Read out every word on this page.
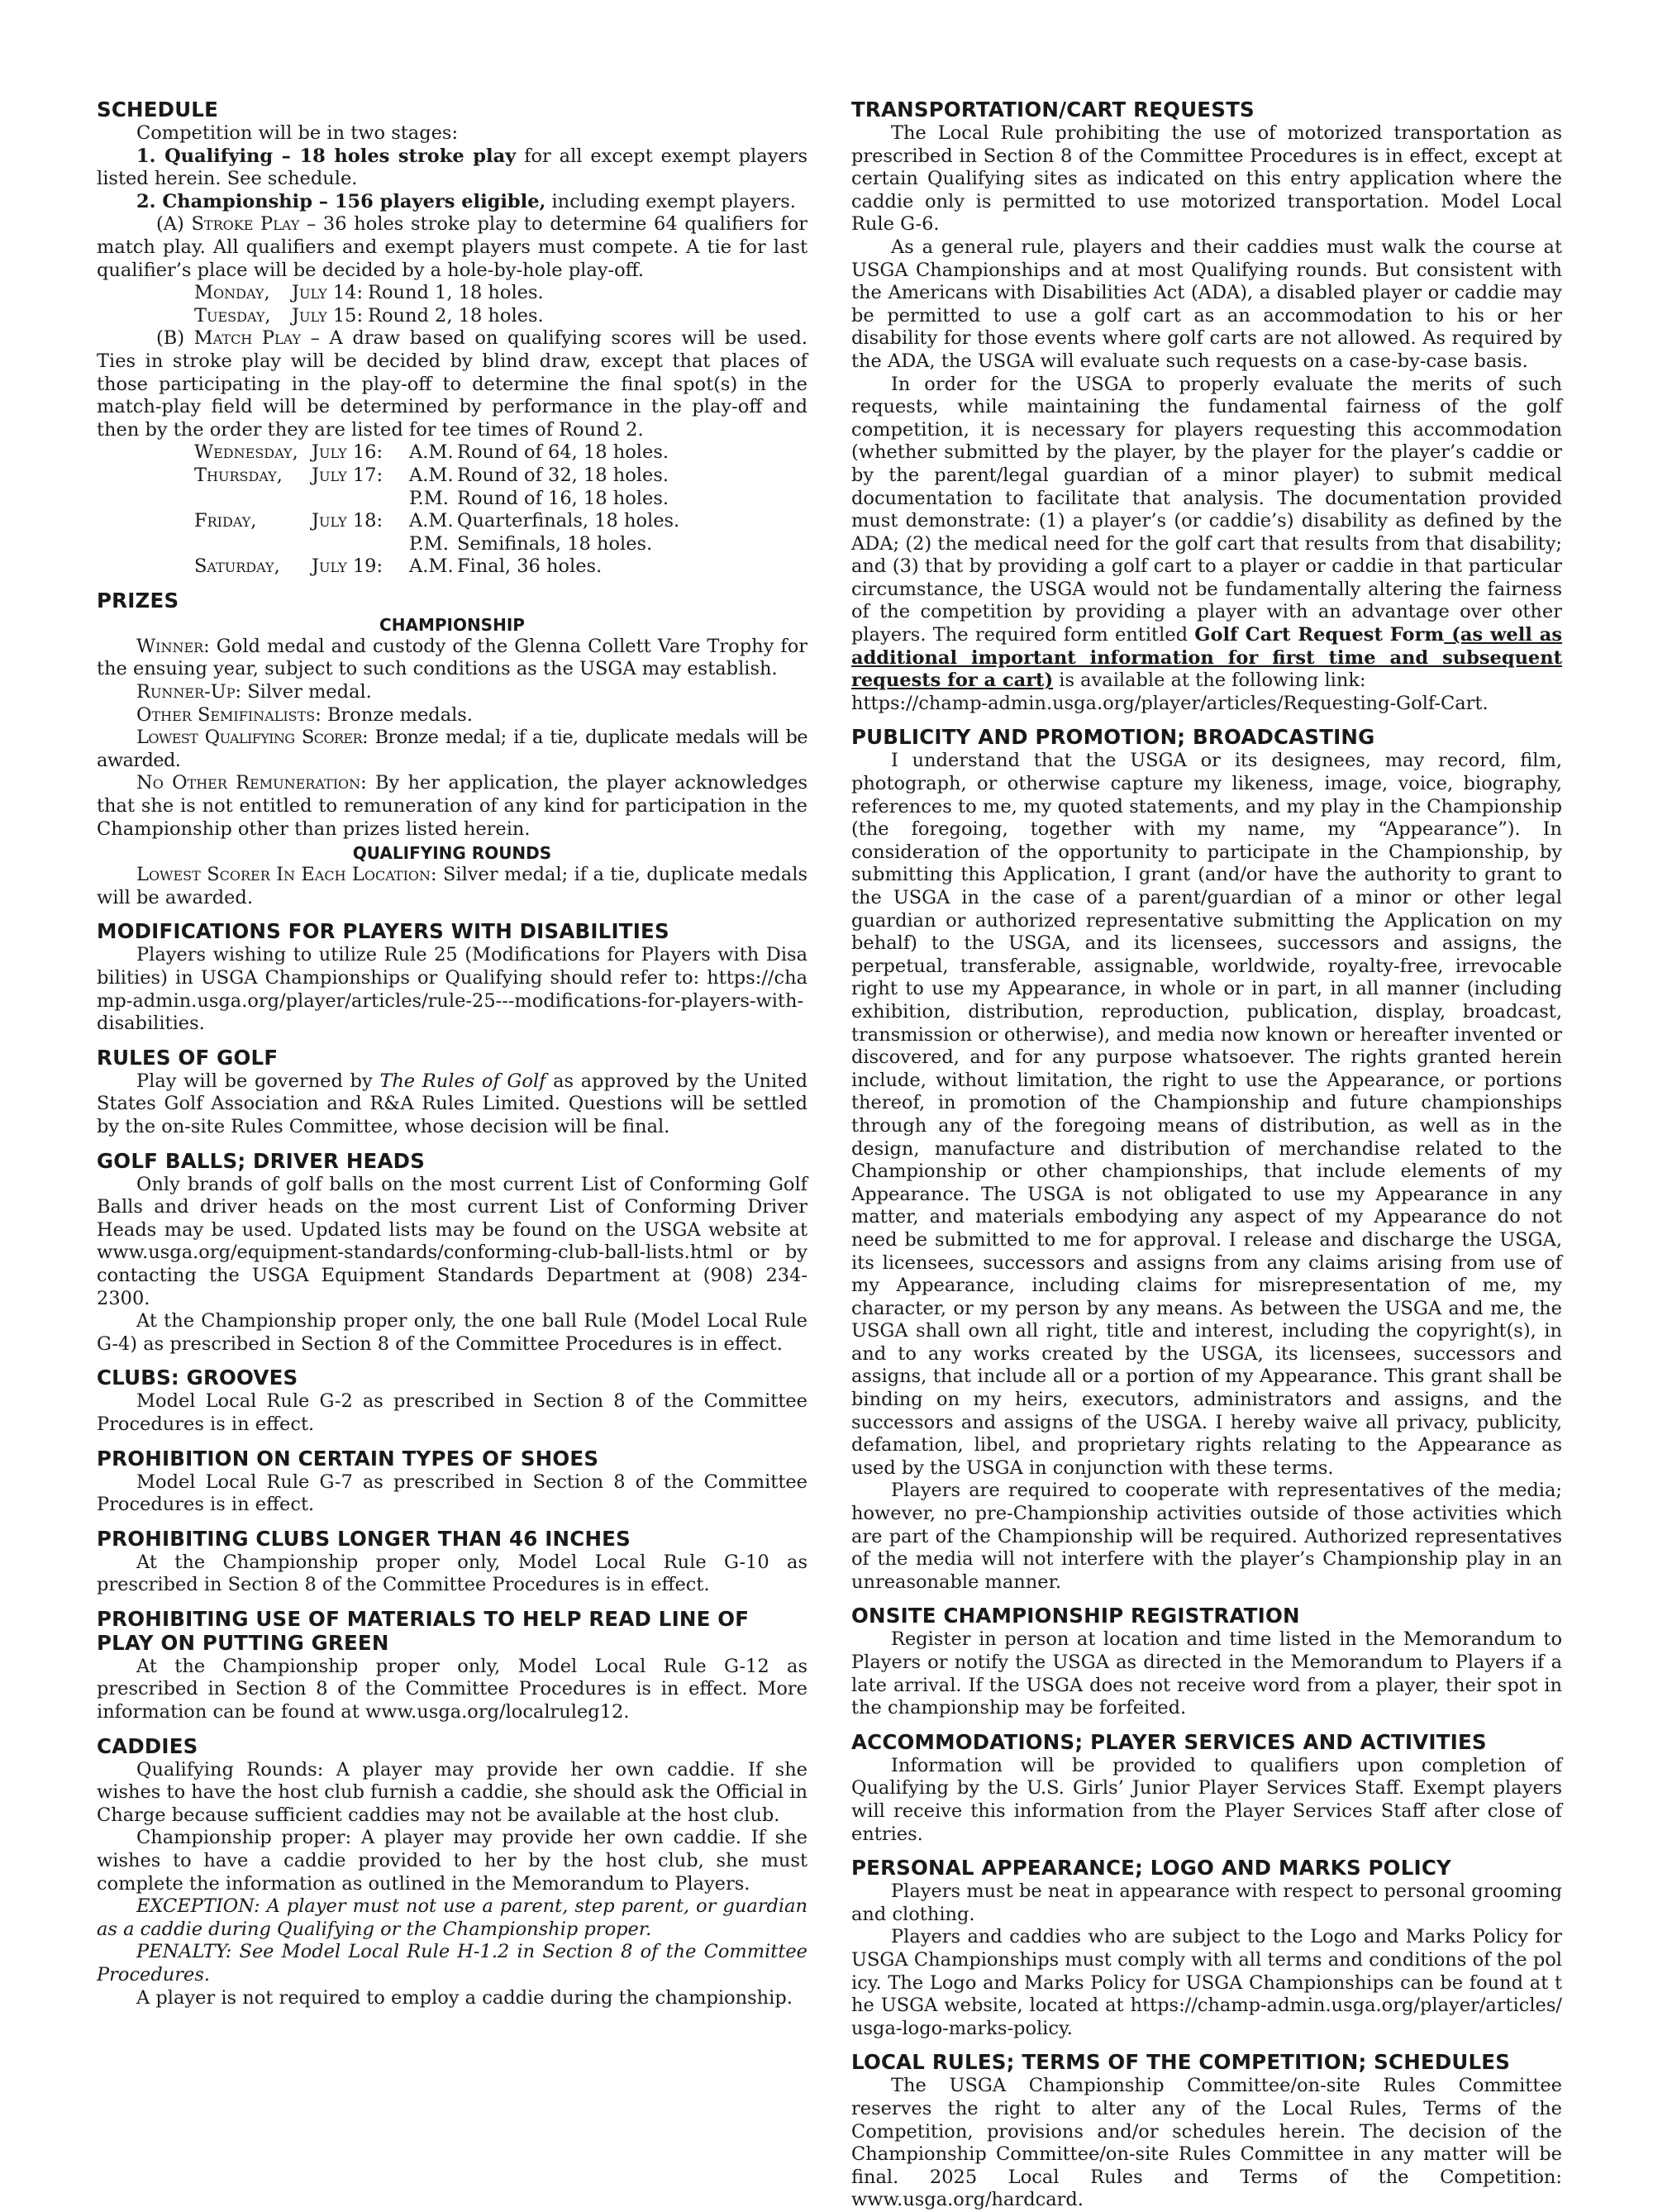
SCHEDULE

Competition will be in two stages:

1. Qualifying – 18 holes stroke play for all except exempt players listed herein. See schedule.

2. Championship – 156 players eligible, including exempt players.

(A) Stroke Play – 36 holes stroke play to determine 64 qualifiers for match play. All qualifiers and exempt players must compete. A tie for last qualifier’s place will be decided by a hole-by-hole play-off.

Monday,	July 14:	Round 1, 18 holes.
Tuesday,	July 15:	Round 2, 18 holes.

(B) Match Play – A draw based on qualifying scores will be used. Ties in stroke play will be decided by blind draw, except that places of those participating in the play-off to determine the final spot(s) in the match-play field will be determined by performance in the play-off and then by the order they are listed for tee times of Round 2.

Wednesday,	July 16:	A.M.	Round of 64, 18 holes.
Thursday,	July 17:	A.M.	Round of 32, 18 holes.
		P.M.	Round of 16, 18 holes.
Friday,	July 18:	A.M.	Quarterfinals, 18 holes.
		P.M.	Semifinals, 18 holes.
Saturday,	July 19:	A.M.	Final, 36 holes.
PRIZES
CHAMPIONSHIP

Winner: Gold medal and custody of the Glenna Collett Vare Trophy for the ensuing year, subject to such conditions as the USGA may establish.

Runner-Up: Silver medal.

Other Semifinalists: Bronze medals.

Lowest Qualifying Scorer: Bronze medal; if a tie, duplicate medals will be awarded.

No Other Remuneration: By her application, the player acknowledges that she is not entitled to remuneration of any kind for participation in the Championship other than prizes listed herein.

QUALIFYING ROUNDS

Lowest Scorer In Each Location: Silver medal; if a tie, duplicate medals will be awarded.

MODIFICATIONS FOR PLAYERS WITH DISABILITIES

Players wishing to utilize Rule 25 (Modifications for Players with Disabilities) in USGA Championships or Qualifying should refer to: https://champ-admin.usga.org/player/articles/rule-25---modifications-for-players-with-disabilities.

RULES OF GOLF

Play will be governed by The Rules of Golf as approved by the United States Golf Association and R&A Rules Limited. Questions will be settled by the on-site Rules Committee, whose decision will be final.

GOLF BALLS; DRIVER HEADS

Only brands of golf balls on the most current List of Conforming Golf Balls and driver heads on the most current List of Conforming Driver Heads may be used. Updated lists may be found on the USGA website at www.usga.org/equipment-standards/conforming-club-ball-lists.html or by contacting the USGA Equipment Standards Department at (908) 234-2300.

At the Championship proper only, the one ball Rule (Model Local Rule G-4) as prescribed in Section 8 of the Committee Procedures is in effect.

CLUBS: GROOVES

Model Local Rule G-2 as prescribed in Section 8 of the Committee Procedures is in effect.

PROHIBITION ON CERTAIN TYPES OF SHOES

Model Local Rule G-7 as prescribed in Section 8 of the Committee Procedures is in effect.

PROHIBITING CLUBS LONGER THAN 46 INCHES

At the Championship proper only, Model Local Rule G-10 as prescribed in Section 8 of the Committee Procedures is in effect.

PROHIBITING USE OF MATERIALS TO HELP READ LINE OF PLAY ON PUTTING GREEN

At the Championship proper only, Model Local Rule G-12 as prescribed in Section 8 of the Committee Procedures is in effect. More information can be found at www.usga.org/localruleg12.

CADDIES

Qualifying Rounds: A player may provide her own caddie. If she wishes to have the host club furnish a caddie, she should ask the Official in Charge because sufficient caddies may not be available at the host club.

Championship proper: A player may provide her own caddie. If she wishes to have a caddie provided to her by the host club, she must complete the information as outlined in the Memorandum to Players.

EXCEPTION: A player must not use a parent, step parent, or guardian as a caddie during Qualifying or the Championship proper.

PENALTY: See Model Local Rule H-1.2 in Section 8 of the Committee Procedures.

A player is not required to employ a caddie during the championship.

TRANSPORTATION/CART REQUESTS

The Local Rule prohibiting the use of motorized transportation as prescribed in Section 8 of the Committee Procedures is in effect, except at certain Qualifying sites as indicated on this entry application where the caddie only is permitted to use motorized transportation. Model Local Rule G-6.

As a general rule, players and their caddies must walk the course at USGA Championships and at most Qualifying rounds. But consistent with the Americans with Disabilities Act (ADA), a disabled player or caddie may be permitted to use a golf cart as an accommodation to his or her disability for those events where golf carts are not allowed. As required by the ADA, the USGA will evaluate such requests on a case-by-case basis.

In order for the USGA to properly evaluate the merits of such requests, while maintaining the fundamental fairness of the golf competition, it is necessary for players requesting this accommodation (whether submitted by the player, by the player for the player’s caddie or by the parent/legal guardian of a minor player) to submit medical documentation to facilitate that analysis. The documentation provided must demonstrate: (1) a player’s (or caddie’s) disability as defined by the ADA; (2) the medical need for the golf cart that results from that disability; and (3) that by providing a golf cart to a player or caddie in that particular circumstance, the USGA would not be fundamentally altering the fairness of the competition by providing a player with an advantage over other players. The required form entitled Golf Cart Request Form (as well as additional important information for first time and subsequent requests for a cart) is available at the following link:

https://champ-admin.usga.org/player/articles/Requesting-Golf-Cart.

PUBLICITY AND PROMOTION; BROADCASTING

I understand that the USGA or its designees, may record, film, photograph, or otherwise capture my likeness, image, voice, biography, references to me, my quoted statements, and my play in the Championship (the foregoing, together with my name, my “Appearance”). In consideration of the opportunity to participate in the Championship, by submitting this Application, I grant (and/or have the authority to grant to the USGA in the case of a parent/guardian of a minor or other legal guardian or authorized representative submitting the Application on my behalf) to the USGA, and its licensees, successors and assigns, the perpetual, transferable, assignable, worldwide, royalty-free, irrevocable right to use my Appearance, in whole or in part, in all manner (including exhibition, distribution, reproduction, publication, display, broadcast, transmission or otherwise), and media now known or hereafter invented or discovered, and for any purpose whatsoever. The rights granted herein include, without limitation, the right to use the Appearance, or portions thereof, in promotion of the Championship and future championships through any of the foregoing means of distribution, as well as in the design, manufacture and distribution of merchandise related to the Championship or other championships, that include elements of my Appearance. The USGA is not obligated to use my Appearance in any matter, and materials embodying any aspect of my Appearance do not need be submitted to me for approval. I release and discharge the USGA, its licensees, successors and assigns from any claims arising from use of my Appearance, including claims for misrepresentation of me, my character, or my person by any means. As between the USGA and me, the USGA shall own all right, title and interest, including the copyright(s), in and to any works created by the USGA, its licensees, successors and assigns, that include all or a portion of my Appearance. This grant shall be binding on my heirs, executors, administrators and assigns, and the successors and assigns of the USGA. I hereby waive all privacy, publicity, defamation, libel, and proprietary rights relating to the Appearance as used by the USGA in conjunction with these terms.

Players are required to cooperate with representatives of the media; however, no pre-Championship activities outside of those activities which are part of the Championship will be required. Authorized representatives of the media will not interfere with the player’s Championship play in an unreasonable manner.

ONSITE CHAMPIONSHIP REGISTRATION

Register in person at location and time listed in the Memorandum to Players or notify the USGA as directed in the Memorandum to Players if a late arrival. If the USGA does not receive word from a player, their spot in the championship may be forfeited.

ACCOMMODATIONS; PLAYER SERVICES AND ACTIVITIES

Information will be provided to qualifiers upon completion of Qualifying by the U.S. Girls’ Junior Player Services Staff. Exempt players will receive this information from the Player Services Staff after close of entries.

PERSONAL APPEARANCE; LOGO AND MARKS POLICY

Players must be neat in appearance with respect to personal grooming and clothing.

Players and caddies who are subject to the Logo and Marks Policy for USGA Championships must comply with all terms and conditions of the policy. The Logo and Marks Policy for USGA Championships can be found at the USGA website, located at https://champ-admin.usga.org/player/articles/usga-logo-marks-policy.

LOCAL RULES; TERMS OF THE COMPETITION; SCHEDULES

The USGA Championship Committee/on-site Rules Committee reserves the right to alter any of the Local Rules, Terms of the Competition, provisions and/or schedules herein. The decision of the Championship Committee/on-site Rules Committee in any matter will be final. 2025 Local Rules and Terms of the Competition: www.usga.org/hardcard.
